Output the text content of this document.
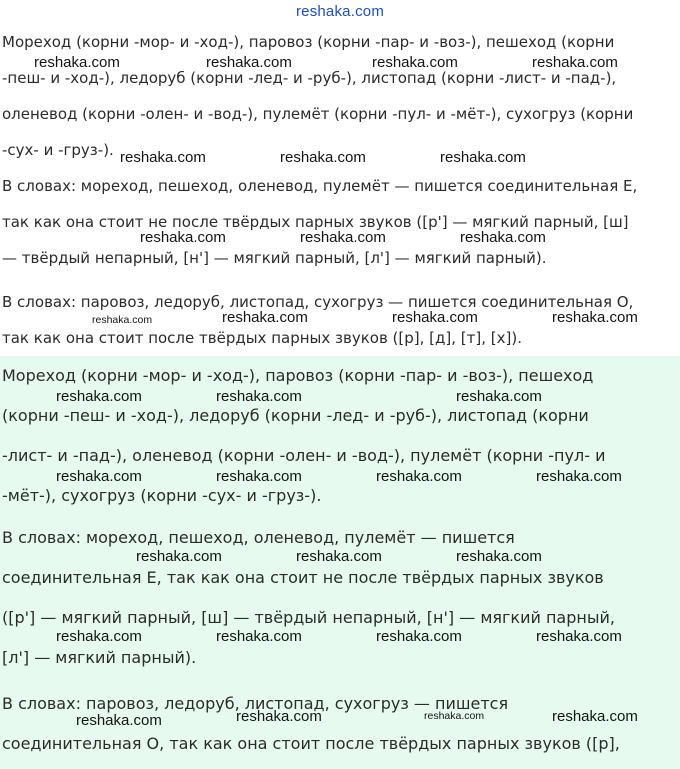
reshaka.com

Мореход (корни -мор- и -ход-), паровоз (корни -пар- и -воз-), пешеход (корни
-пеш- и -ход-), ледоруб (корни -лед- и -руб-), листопад (корни -лист- и -пад-),
оленевод (корни -олен- и -вод-), пулемёт (корни -пул- и -мёт-), сухогруз (корни
-сух- и -груз-).

В словах: мореход, пешеход, оленевод, пулемёт — пишется соединительная Е,
так как она стоит не после твёрдых парных звуков ([р'] — мягкий парный, [ш]
— твёрдый непарный, [н'] — мягкий парный, [л'] — мягкий парный).

В словах: паровоз, ледоруб, листопад, сухогруз — пишется соединительная О,
так как она стоит после твёрдых парных звуков ([р], [д], [т], [х]).

reshaka.com	reshaka.com	reshaka.com	reshaka.com
reshaka.com	reshaka.com	reshaka.com
reshaka.com	reshaka.com	reshaka.com
reshaka.com	reshaka.com	reshaka.com	reshaka.com

Мореход (корни -мор- и -ход-), паровоз (корни -пар- и -воз-), пешеход
(корни -пеш- и -ход-), ледоруб (корни -лед- и -руб-), листопад (корни
-лист- и -пад-), оленевод (корни -олен- и -вод-), пулемёт (корни -пул- и
-мёт-), сухогруз (корни -сух- и -груз-).

В словах: мореход, пешеход, оленевод, пулемёт — пишется
соединительная Е, так как она стоит не после твёрдых парных звуков
([р'] — мягкий парный, [ш] — твёрдый непарный, [н'] — мягкий парный,
[л'] — мягкий парный).

В словах: паровоз, ледоруб, листопад, сухогруз — пишется
соединительная О, так как она стоит после твёрдых парных звуков ([р],

reshaka.com	reshaka.com	reshaka.com
reshaka.com	reshaka.com	reshaka.com	reshaka.com
reshaka.com	reshaka.com	reshaka.com
reshaka.com	reshaka.com	reshaka.com	reshaka.com
reshaka.com	reshaka.com	reshaka.com	reshaka.com
